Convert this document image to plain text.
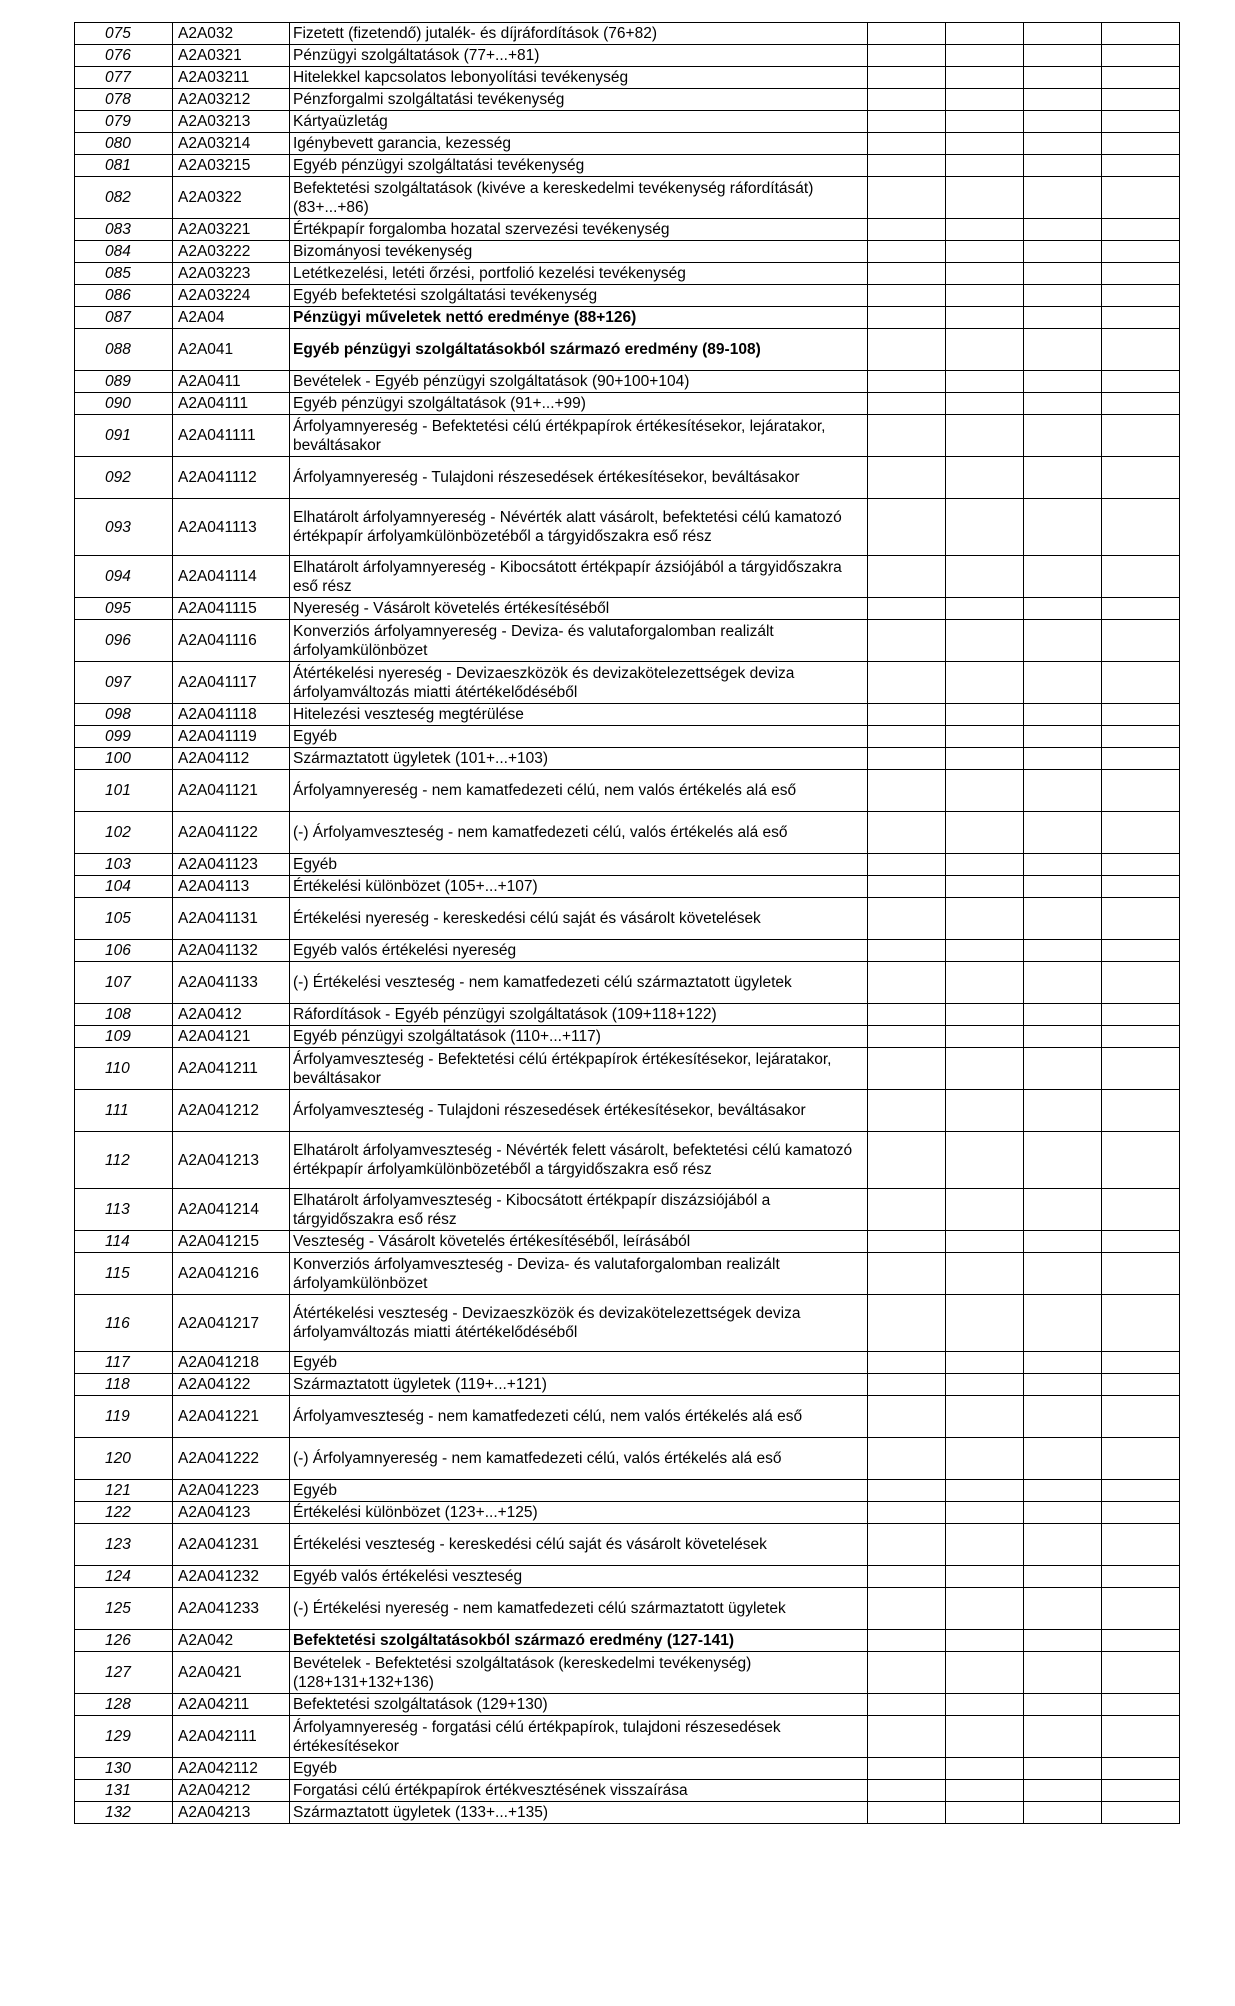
075	A2A032	Fizetett (fizetendő) jutalék- és díjráfordítások (76+82)				
076	A2A0321	Pénzügyi szolgáltatások (77+...+81)				
077	A2A03211	Hitelekkel kapcsolatos lebonyolítási tevékenység				
078	A2A03212	Pénzforgalmi szolgáltatási tevékenység				
079	A2A03213	Kártyaüzletág				
080	A2A03214	Igénybevett garancia, kezesség				
081	A2A03215	Egyéb pénzügyi szolgáltatási tevékenység				
082	A2A0322	Befektetési szolgáltatások (kivéve a kereskedelmi tevékenység ráfordítását) (83+...+86)				
083	A2A03221	Értékpapír forgalomba hozatal szervezési tevékenység				
084	A2A03222	Bizományosi tevékenység				
085	A2A03223	Letétkezelési, letéti őrzési, portfolió kezelési tevékenység				
086	A2A03224	Egyéb befektetési szolgáltatási tevékenység				
087	A2A04	Pénzügyi műveletek nettó eredménye (88+126)				
088	A2A041	Egyéb pénzügyi szolgáltatásokból származó eredmény (89-108)				
089	A2A0411	Bevételek - Egyéb pénzügyi szolgáltatások (90+100+104)				
090	A2A04111	Egyéb pénzügyi szolgáltatások (91+...+99)				
091	A2A041111	Árfolyamnyereség - Befektetési célú értékpapírok értékesítésekor, lejáratakor, beváltásakor				
092	A2A041112	Árfolyamnyereség - Tulajdoni részesedések értékesítésekor, beváltásakor				
093	A2A041113	Elhatárolt árfolyamnyereség - Névérték alatt vásárolt, befektetési célú kamatozó értékpapír árfolyamkülönbözetéből a tárgyidőszakra eső rész				
094	A2A041114	Elhatárolt árfolyamnyereség - Kibocsátott értékpapír ázsiójából a tárgyidőszakra eső rész				
095	A2A041115	Nyereség - Vásárolt követelés értékesítéséből				
096	A2A041116	Konverziós árfolyamnyereség - Deviza- és valutaforgalomban realizált árfolyamkülönbözet				
097	A2A041117	Átértékelési nyereség - Devizaeszközök és devizakötelezettségek deviza árfolyamváltozás miatti átértékelődéséből				
098	A2A041118	Hitelezési veszteség megtérülése				
099	A2A041119	Egyéb				
100	A2A04112	Származtatott ügyletek (101+...+103)				
101	A2A041121	Árfolyamnyereség - nem kamatfedezeti célú, nem valós értékelés alá eső				
102	A2A041122	(-) Árfolyamveszteség - nem kamatfedezeti célú, valós értékelés alá eső				
103	A2A041123	Egyéb				
104	A2A04113	Értékelési különbözet (105+...+107)				
105	A2A041131	Értékelési nyereség - kereskedési célú saját és vásárolt követelések				
106	A2A041132	Egyéb valós értékelési nyereség				
107	A2A041133	(-) Értékelési veszteség - nem kamatfedezeti célú származtatott ügyletek				
108	A2A0412	Ráfordítások - Egyéb pénzügyi szolgáltatások (109+118+122)				
109	A2A04121	Egyéb pénzügyi szolgáltatások (110+...+117)				
110	A2A041211	Árfolyamveszteség - Befektetési célú értékpapírok értékesítésekor, lejáratakor, beváltásakor				
111	A2A041212	Árfolyamveszteség - Tulajdoni részesedések értékesítésekor, beváltásakor				
112	A2A041213	Elhatárolt árfolyamveszteség - Névérték felett vásárolt, befektetési célú kamatozó értékpapír árfolyamkülönbözetéből a tárgyidőszakra eső rész				
113	A2A041214	Elhatárolt árfolyamveszteség - Kibocsátott értékpapír diszázsiójából a tárgyidőszakra eső rész				
114	A2A041215	Veszteség - Vásárolt követelés értékesítéséből, leírásából				
115	A2A041216	Konverziós árfolyamveszteség - Deviza- és valutaforgalomban realizált árfolyamkülönbözet				
116	A2A041217	Átértékelési veszteség - Devizaeszközök és devizakötelezettségek deviza árfolyamváltozás miatti átértékelődéséből				
117	A2A041218	Egyéb				
118	A2A04122	Származtatott ügyletek (119+...+121)				
119	A2A041221	Árfolyamveszteség - nem kamatfedezeti célú, nem valós értékelés alá eső				
120	A2A041222	(-) Árfolyamnyereség - nem kamatfedezeti célú, valós értékelés alá eső				
121	A2A041223	Egyéb				
122	A2A04123	Értékelési különbözet (123+...+125)				
123	A2A041231	Értékelési veszteség - kereskedési célú saját és vásárolt követelések				
124	A2A041232	Egyéb valós értékelési veszteség				
125	A2A041233	(-) Értékelési nyereség - nem kamatfedezeti célú származtatott ügyletek				
126	A2A042	Befektetési szolgáltatásokból származó eredmény (127-141)				
127	A2A0421	Bevételek - Befektetési szolgáltatások (kereskedelmi tevékenység) (128+131+132+136)				
128	A2A04211	Befektetési szolgáltatások (129+130)				
129	A2A042111	Árfolyamnyereség - forgatási célú értékpapírok, tulajdoni részesedések értékesítésekor				
130	A2A042112	Egyéb				
131	A2A04212	Forgatási célú értékpapírok értékvesztésének visszaírása				
132	A2A04213	Származtatott ügyletek (133+...+135)				
